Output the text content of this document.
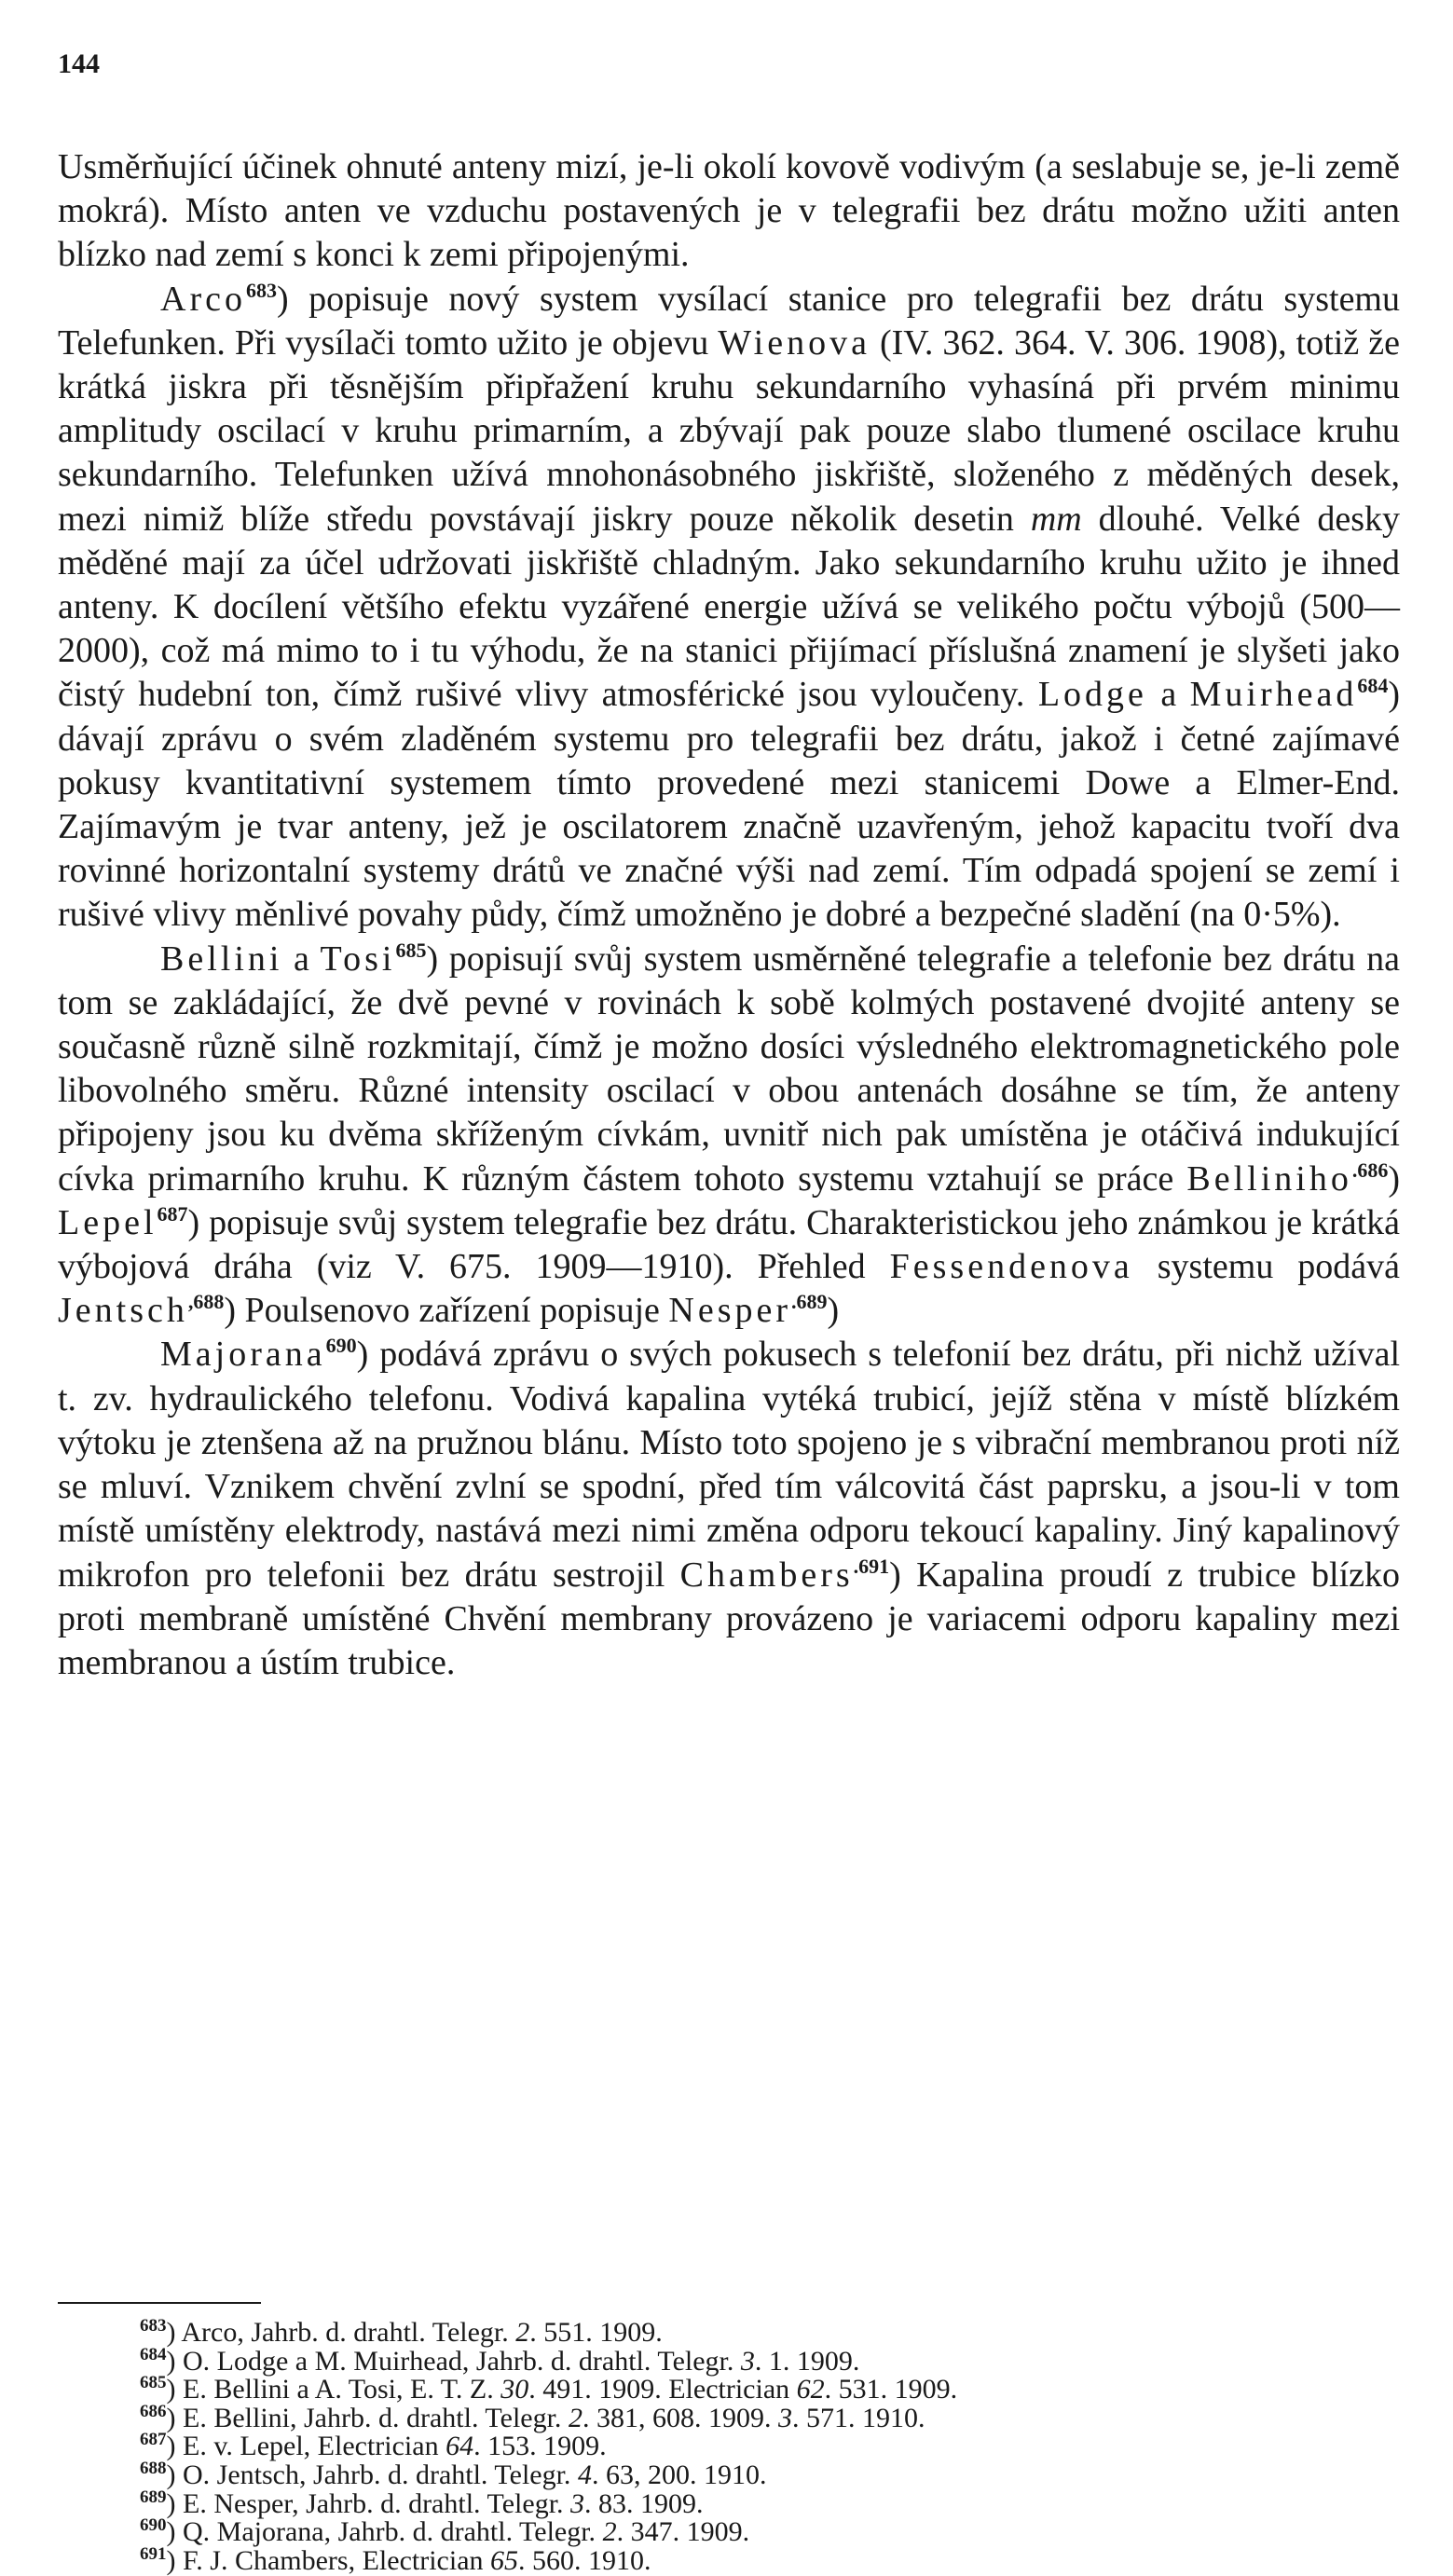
144

Usměrňující účinek ohnuté anteny mizí, je-li okolí kovově vodivým (a seslabuje se, je-li země mokrá). Místo anten ve vzduchu postavených je v telegrafii bez drátu možno užiti anten blízko nad zemí s konci k zemi připojenými.

Arco$^{683}$) popisuje nový system vysílací stanice pro telegrafii bez drátu systemu Telefunken. Při vysílači tomto užito je objevu Wienova (IV. 362. 364. V. 306. 1908), totiž že krátká jiskra při těsnějším připřažení kruhu sekundarního vyhasíná při prvém minimu amplitudy oscilací v kruhu primarním, a zbývají pak pouze slabo tlumené oscilace kruhu sekundarního. Telefunken užívá mnohonásobného jiskřiště, složeného z měděných desek, mezi nimiž blíže středu povstávají jiskry pouze několik desetin mm dlouhé. Velké desky měděné mají za účel udržovati jiskřiště chladným. Jako sekundarního kruhu užito je ihned anteny. K docílení většího efektu vyzářené energie užívá se velikého počtu výbojů (500—2000), což má mimo to i tu výhodu, že na stanici přijímací příslušná znamení je slyšeti jako čistý hudební ton, čímž rušivé vlivy atmosférické jsou vyloučeny. Lodge a Muirhead$^{684}$) dávají zprávu o svém zladěném systemu pro telegrafii bez drátu, jakož i četné zajímavé pokusy kvantitativní systemem tímto provedené mezi stanicemi Dowe a Elmer-End. Zajímavým je tvar anteny, jež je oscilatorem značně uzavřeným, jehož kapacitu tvoří dva rovinné horizontalní systemy drátů ve značné výši nad zemí. Tím odpadá spojení se zemí i rušivé vlivy měnlivé povahy půdy, čímž umožněno je dobré a bezpečné sladění (na 0·5%).

Bellini a Tosi$^{685}$) popisují svůj system usměrněné telegrafie a telefonie bez drátu na tom se zakládající, že dvě pevné v rovinách k sobě kolmých postavené dvojité anteny se současně různě silně rozkmitají, čímž je možno dosíci výsledného elektromagnetického pole libovolného směru. Různé intensity oscilací v obou antenách dosáhne se tím, že anteny připojeny jsou ku dvěma skříženým cívkám, uvnitř nich pak umístěna je otáčivá indukující cívka primarního kruhu. K různým částem tohoto systemu vztahují se práce Belliniho$^{.686}$) Lepel$^{687}$) popisuje svůj system telegrafie bez drátu. Charakteristickou jeho známkou je krátká výbojová dráha (viz V. 675. 1909—1910). Přehled Fessendenova systemu podává Jentsch$^{,688}$) Poulsenovo zařízení popisuje Nesper$^{.689}$)

Majorana$^{690}$) podává zprávu o svých pokusech s telefonií bez drátu, při nichž užíval t. zv. hydraulického telefonu. Vodivá kapalina vytéká trubicí, jejíž stěna v místě blízkém výtoku je ztenšena až na pružnou blánu. Místo toto spojeno je s vibrační membranou proti níž se mluví. Vznikem chvění zvlní se spodní, před tím válcovitá část paprsku, a jsou-li v tom místě umístěny elektrody, nastává mezi nimi změna odporu tekoucí kapaliny. Jiný kapalinový mikrofon pro telefonii bez drátu sestrojil Chambers$^{.691}$) Kapalina proudí z trubice blízko proti membraně umístěné Chvění membrany provázeno je variacemi odporu kapaliny mezi membranou a ústím trubice.

$^{683}$) Arco, Jahrb. d. drahtl. Telegr. 2. 551. 1909.
$^{684}$) O. Lodge a M. Muirhead, Jahrb. d. drahtl. Telegr. 3. 1. 1909.
$^{685}$) E. Bellini a A. Tosi, E. T. Z. 30. 491. 1909. Electrician 62. 531. 1909.
$^{686}$) E. Bellini, Jahrb. d. drahtl. Telegr. 2. 381, 608. 1909. 3. 571. 1910.
$^{687}$) E. v. Lepel, Electrician 64. 153. 1909.
$^{688}$) O. Jentsch, Jahrb. d. drahtl. Telegr. 4. 63, 200. 1910.
$^{689}$) E. Nesper, Jahrb. d. drahtl. Telegr. 3. 83. 1909.
$^{690}$) Q. Majorana, Jahrb. d. drahtl. Telegr. 2. 347. 1909.
$^{691}$) F. J. Chambers, Electrician 65. 560. 1910.
